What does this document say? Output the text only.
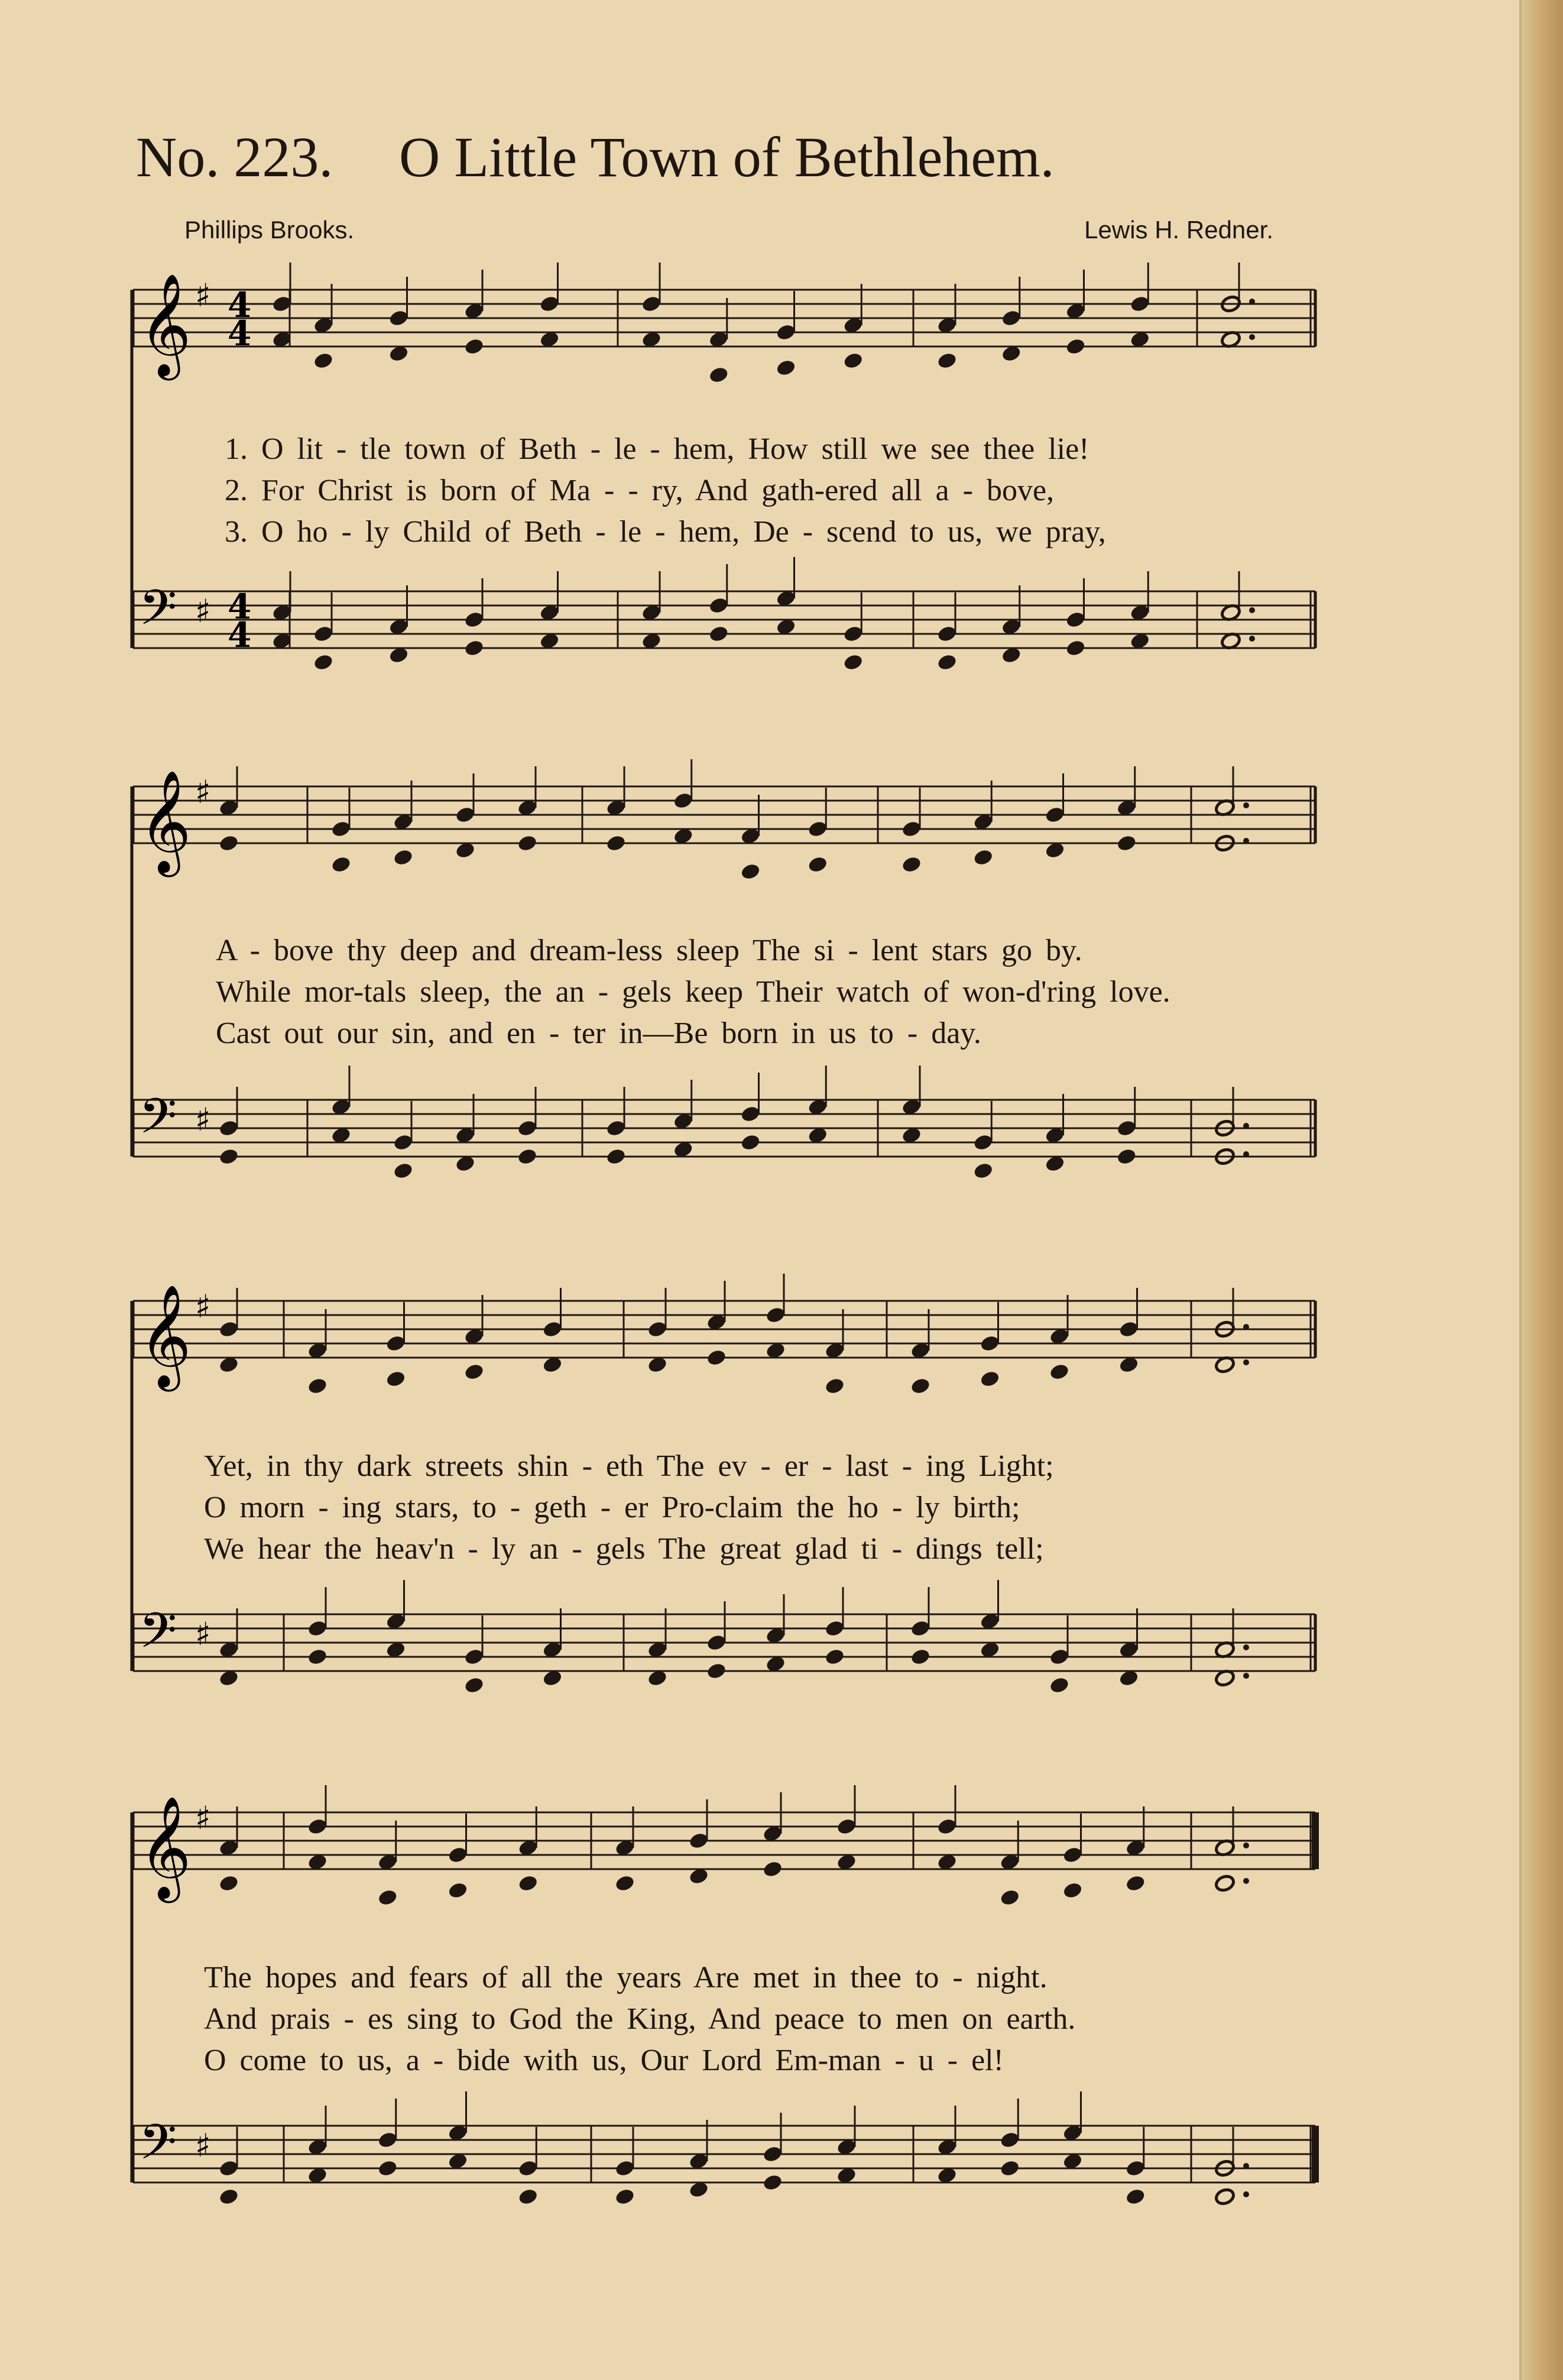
No. 223. O Little Town of Bethlehem.
Phillips Brooks.	Lewis H. Redner.
𝄞 ♯ 4
4
𝄢 ♯ 4
4
1. O lit - tle town of Beth - le - hem, How still we see thee lie!
2. For Christ is born of Ma - - ry, And gath-ered all a - bove,
3. O ho - ly Child of Beth - le - hem, De - scend to us, we pray,
𝄞 ♯
𝄢 ♯
A - bove thy deep and dream-less sleep The si - lent stars go by.
While mor-tals sleep, the an - gels keep Their watch of won-d'ring love.
Cast out our sin, and en - ter in—Be born in us to - day.
𝄞 ♯
𝄢 ♯
Yet, in thy dark streets shin - eth The ev - er - last - ing Light;
O morn - ing stars, to - geth - er Pro-claim the ho - ly birth;
We hear the heav'n - ly an - gels The great glad ti - dings tell;
𝄞 ♯
𝄢 ♯
The hopes and fears of all the years Are met in thee to - night.
And prais - es sing to God the King, And peace to men on earth.
O come to us, a - bide with us, Our Lord Em-man - u - el!
